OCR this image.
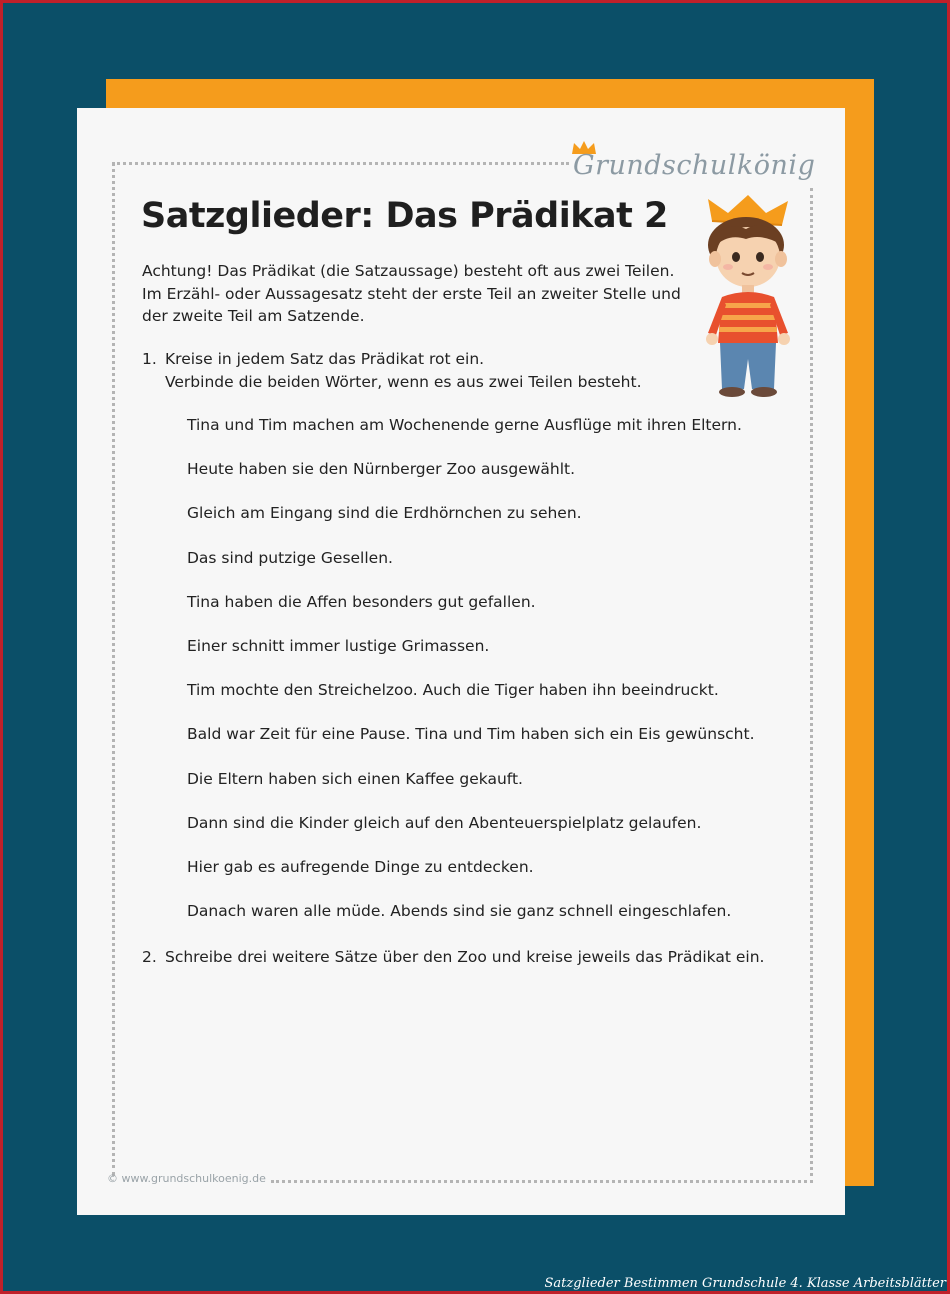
Grundschulkönig
Satzglieder: Das Prädikat 2
Achtung! Das Prädikat (die Satzaussage) besteht oft aus zwei Teilen.
Im Erzähl- oder Aussagesatz steht der erste Teil an zweiter Stelle und
der zweite Teil am Satzende.
1. Kreise in jedem Satz das Prädikat rot ein.
Verbinde die beiden Wörter, wenn es aus zwei Teilen besteht.
Tina und Tim machen am Wochenende gerne Ausflüge mit ihren Eltern.
Heute haben sie den Nürnberger Zoo ausgewählt.
Gleich am Eingang sind die Erdhörnchen zu sehen.
Das sind putzige Gesellen.
Tina haben die Affen besonders gut gefallen.
Einer schnitt immer lustige Grimassen.
Tim mochte den Streichelzoo. Auch die Tiger haben ihn beeindruckt.
Bald war Zeit für eine Pause. Tina und Tim haben sich ein Eis gewünscht.
Die Eltern haben sich einen Kaffee gekauft.
Dann sind die Kinder gleich auf den Abenteuerspielplatz gelaufen.
Hier gab es aufregende Dinge zu entdecken.
Danach waren alle müde. Abends sind sie ganz schnell eingeschlafen.
2. Schreibe drei weitere Sätze über den Zoo und kreise jeweils das Prädikat ein.
© www.grundschulkoenig.de
Satzglieder Bestimmen Grundschule 4. Klasse Arbeitsblätter
